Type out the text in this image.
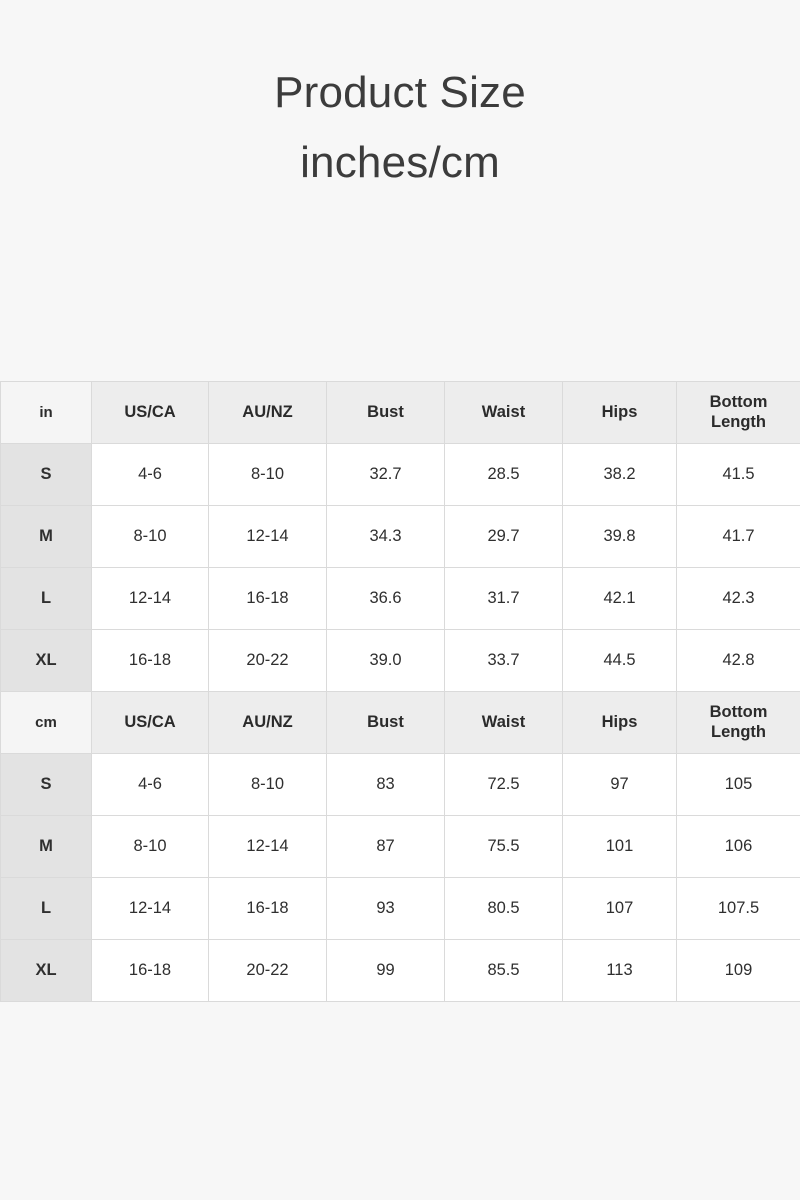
Product Size
inches/cm
in	US/CA	AU/NZ	Bust	Waist	Hips	Bottom
Length

S	4-6	8-10	32.7	28.5	38.2	41.5
M	8-10	12-14	34.3	29.7	39.8	41.7
L	12-14	16-18	36.6	31.7	42.1	42.3
XL	16-18	20-22	39.0	33.7	44.5	42.8
cm	US/CA	AU/NZ	Bust	Waist	Hips	Bottom
Length

S	4-6	8-10	83	72.5	97	105
M	8-10	12-14	87	75.5	101	106
L	12-14	16-18	93	80.5	107	107.5
XL	16-18	20-22	99	85.5	113	109
